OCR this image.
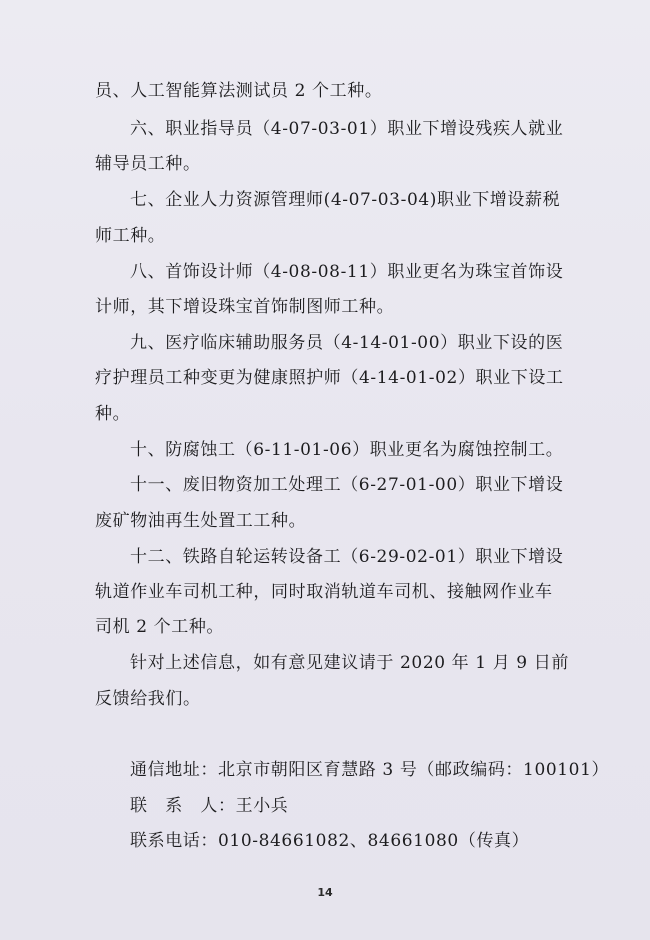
员、人工智能算法测试员 2 个工种。
六、职业指导员（4-07-03-01）职业下增设残疾人就业
辅导员工种。
七、企业人力资源管理师(4-07-03-04)职业下增设薪税
师工种。
八、首饰设计师（4-08-08-11）职业更名为珠宝首饰设
计师，其下增设珠宝首饰制图师工种。
九、医疗临床辅助服务员（4-14-01-00）职业下设的医
疗护理员工种变更为健康照护师（4-14-01-02）职业下设工
种。
十、防腐蚀工（6-11-01-06）职业更名为腐蚀控制工。
十一、废旧物资加工处理工（6-27-01-00）职业下增设
废矿物油再生处置工工种。
十二、铁路自轮运转设备工（6-29-02-01）职业下增设
轨道作业车司机工种，同时取消轨道车司机、接触网作业车
司机 2 个工种。
针对上述信息，如有意见建议请于 2020 年 1 月 9 日前
反馈给我们。
通信地址：北京市朝阳区育慧路 3 号（邮政编码：100101）
联　系　人：王小兵
联系电话：010-84661082、84661080（传真）
14
